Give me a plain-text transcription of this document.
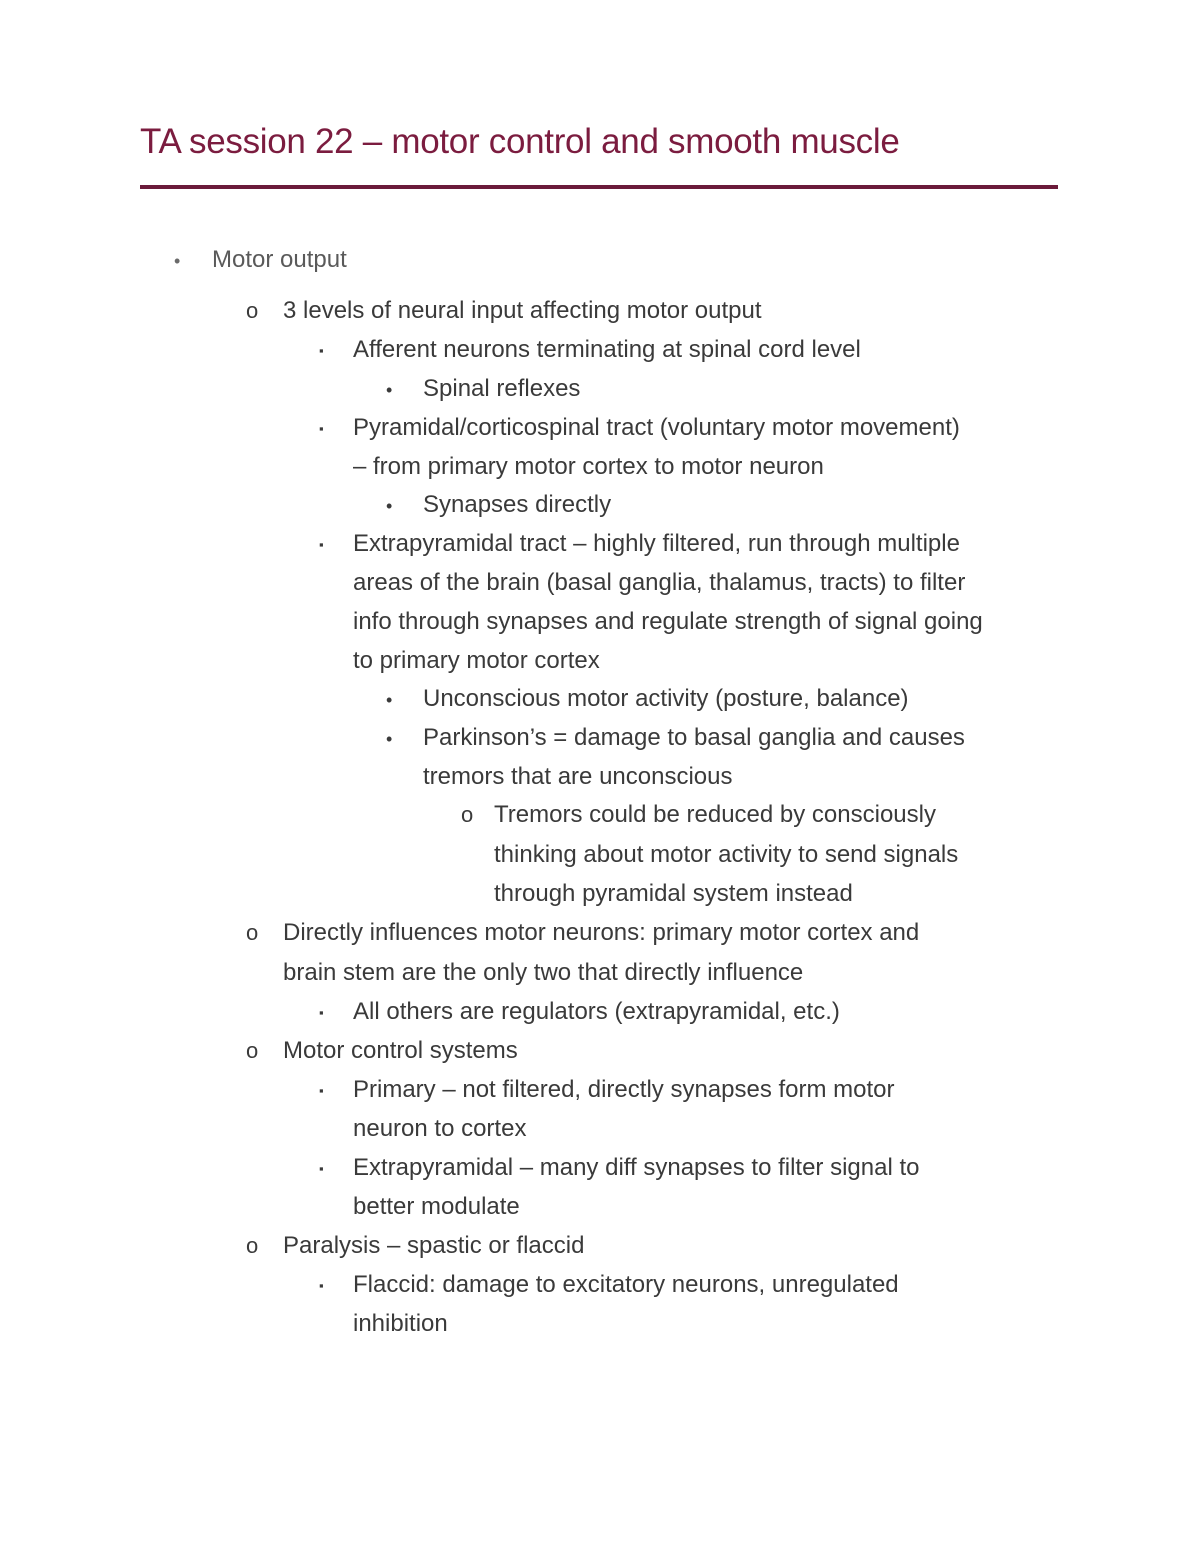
TA session 22 – motor control and smooth muscle
•
o
▪
•
▪
•
▪
•
•
o
o
▪
o
▪
▪
o
▪
Motor output
3 levels of neural input affecting motor output
Afferent neurons terminating at spinal cord level
Spinal reflexes
Pyramidal/corticospinal tract (voluntary motor movement)
– from primary motor cortex to motor neuron
Synapses directly
Extrapyramidal tract – highly filtered, run through multiple
areas of the brain (basal ganglia, thalamus, tracts) to filter
info through synapses and regulate strength of signal going
to primary motor cortex
Unconscious motor activity (posture, balance)
Parkinson’s = damage to basal ganglia and causes
tremors that are unconscious
Tremors could be reduced by consciously
thinking about motor activity to send signals
through pyramidal system instead
Directly influences motor neurons: primary motor cortex and
brain stem are the only two that directly influence
All others are regulators (extrapyramidal, etc.)
Motor control systems
Primary – not filtered, directly synapses form motor
neuron to cortex
Extrapyramidal – many diff synapses to filter signal to
better modulate
Paralysis – spastic or flaccid
Flaccid: damage to excitatory neurons, unregulated
inhibition
